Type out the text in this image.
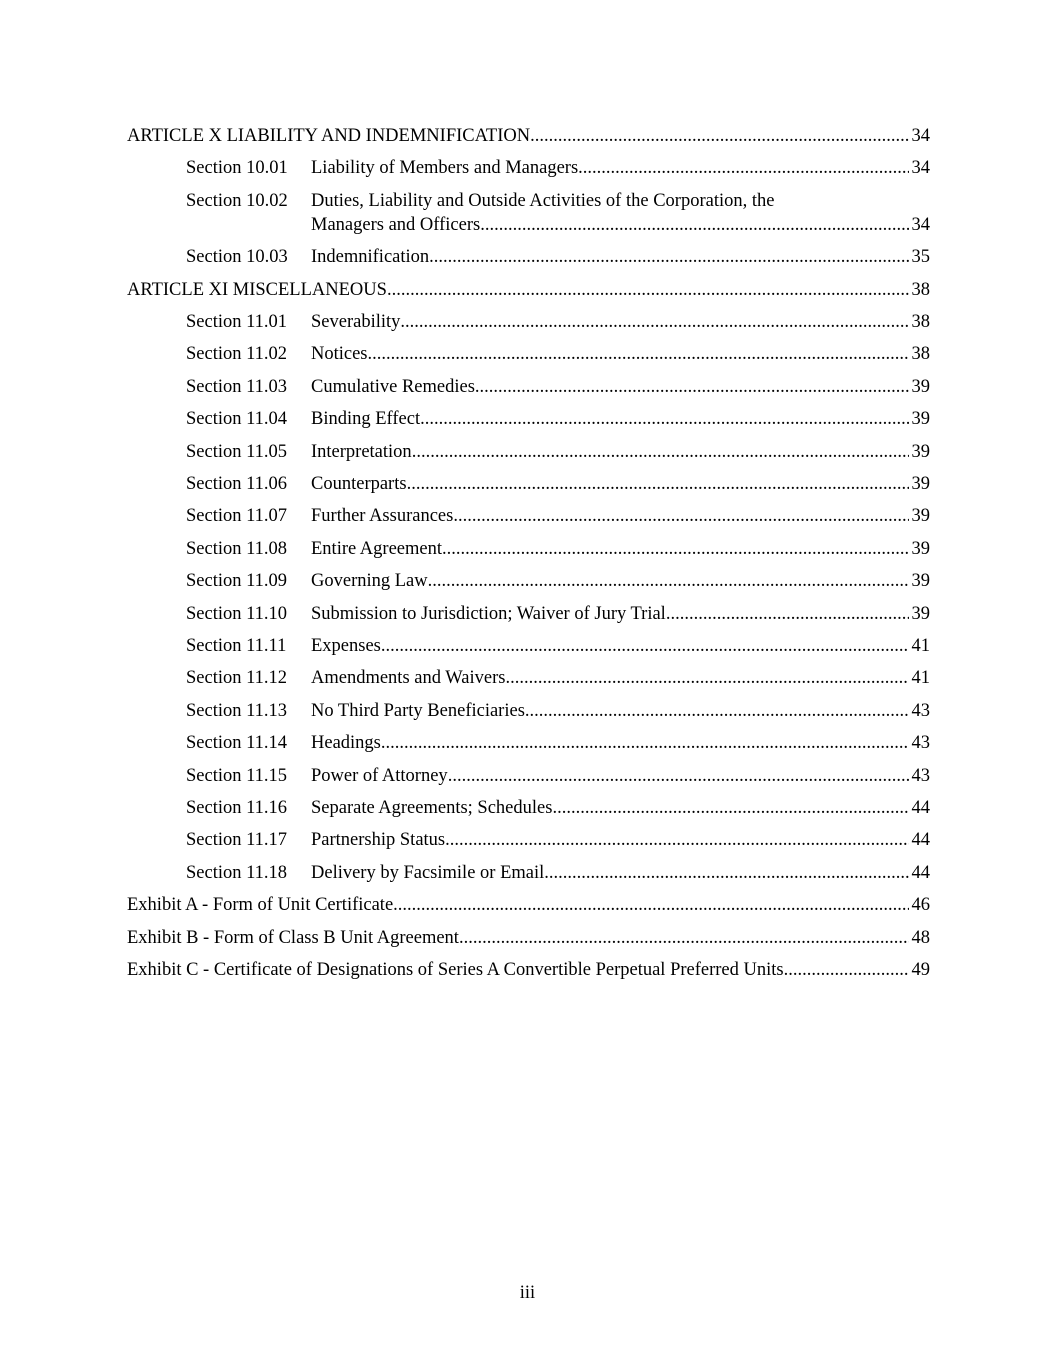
ARTICLE X LIABILITY AND INDEMNIFICATION .....	34
Section 10.01	Liability of Members and Managers .....	34
Section 10.02	Duties, Liability and Outside Activities of the Corporation, the
Managers and Officers .....	34
Section 10.03	Indemnification .....	35
ARTICLE XI MISCELLANEOUS .....	38
Section 11.01	Severability .....	38
Section 11.02	Notices .....	38
Section 11.03	Cumulative Remedies .....	39
Section 11.04	Binding Effect .....	39
Section 11.05	Interpretation .....	39
Section 11.06	Counterparts .....	39
Section 11.07	Further Assurances .....	39
Section 11.08	Entire Agreement .....	39
Section 11.09	Governing Law .....	39
Section 11.10	Submission to Jurisdiction; Waiver of Jury Trial .....	39
Section 11.11	Expenses .....	41
Section 11.12	Amendments and Waivers .....	41
Section 11.13	No Third Party Beneficiaries .....	43
Section 11.14	Headings .....	43
Section 11.15	Power of Attorney .....	43
Section 11.16	Separate Agreements; Schedules .....	44
Section 11.17	Partnership Status .....	44
Section 11.18	Delivery by Facsimile or Email .....	44
Exhibit A - Form of Unit Certificate .....	46
Exhibit B - Form of Class B Unit Agreement .....	48
Exhibit C - Certificate of Designations of Series A Convertible Perpetual Preferred Units .....	49
iii
